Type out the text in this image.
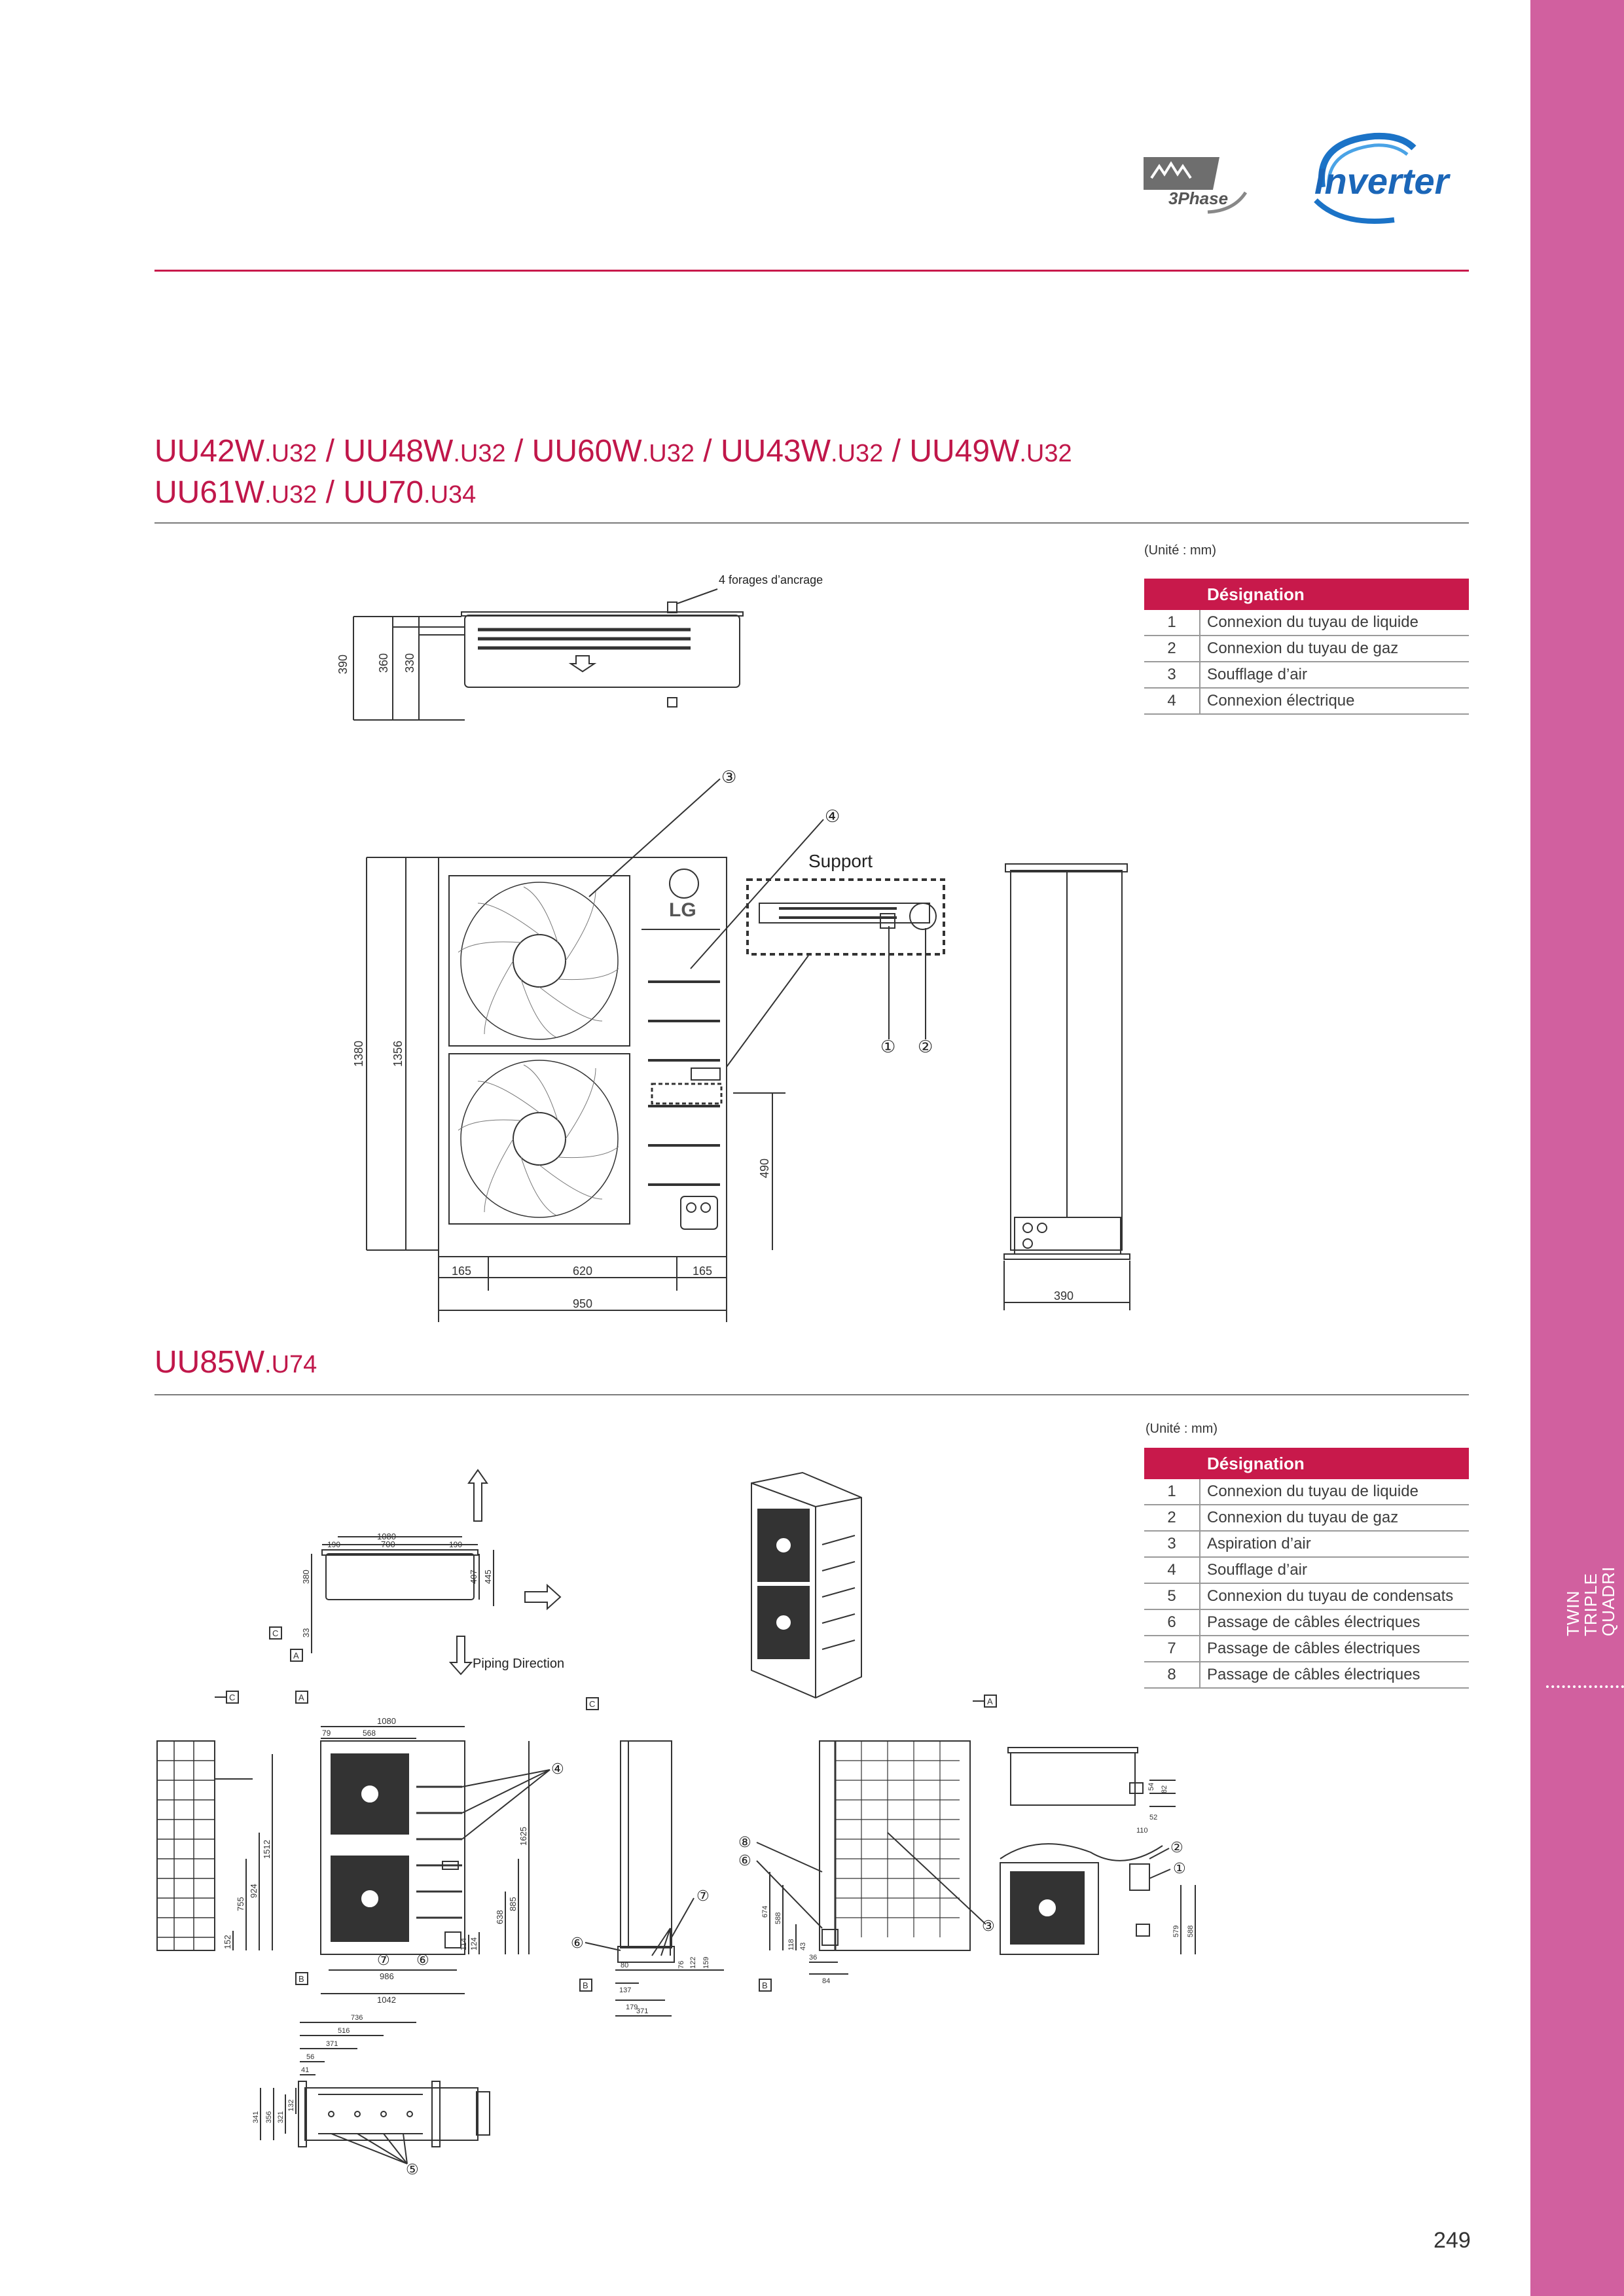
TWIN
TRIPLE
QUADRI
3Phase Inverter
UU42W.U32 / UU48W.U32 / UU60W.U32 / UU43W.U32 / UU49W.U32
UU61W.U32 / UU70.U34
(Unité : mm)
Désignation	
1	Connexion du tuyau de liquide
2	Connexion du tuyau de gaz
3	Soufflage d’air
4	Connexion électrique
390 360 330
4 forages d’ancrage
LG
1380 1356
490
165	620	165
950
Support
① ②
③
④
390
UU85W.U74
(Unité : mm)
Désignation	
1	Connexion du tuyau de liquide
2	Connexion du tuyau de gaz
3	Aspiration d’air
4	Soufflage d’air
5	Connexion du tuyau de condensats
6	Passage de câbles électriques
7	Passage de câbles électriques
8	Passage de câbles électriques
Piping Direction
1080
700
190	190
380	407 445
33
C
A
1512
924
755
152
C
1080
79	568
986
1042
1625
885
638
124
114
A
B
④
⑦ ⑥
⑦
⑥
80
137
179
371
76 122 159
C
B
③
⑧
⑥
674
588
118 43
36
84
A
B
54 82
52
110
②
①
579 588
736
516
371
56
41
341 356 321
132
⑤
249
